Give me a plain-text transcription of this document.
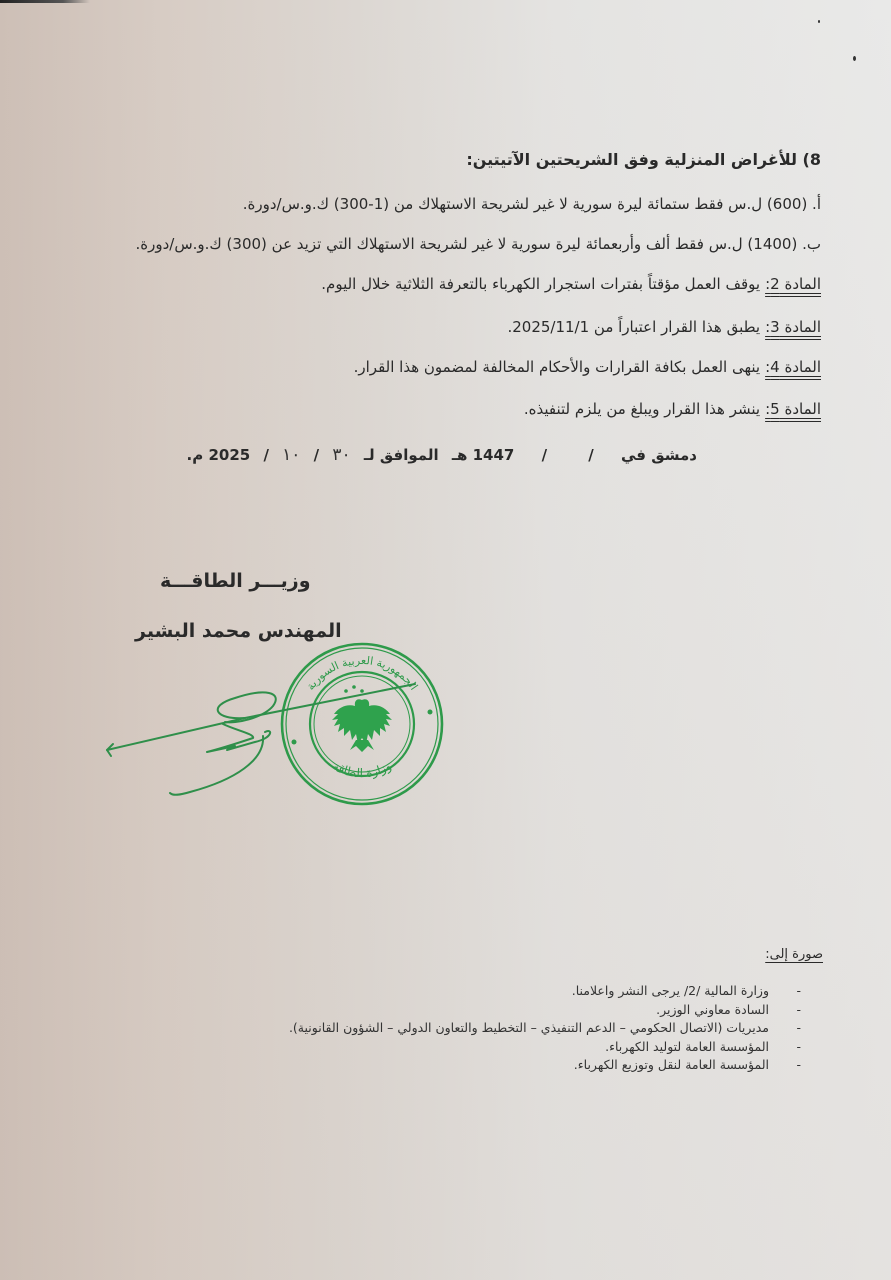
8) للأغراض المنزلية وفق الشريحتين الآتيتين:
أ. (600) ل.س فقط ستمائة ليرة سورية لا غير لشريحة الاستهلاك من (1-300) ك.و.س/دورة.
ب. (1400) ل.س فقط ألف وأربعمائة ليرة سورية لا غير لشريحة الاستهلاك التي تزيد عن (300) ك.و.س/دورة.
المادة 2:يوقف العمل مؤقتاً بفترات استجرار الكهرباء بالتعرفة الثلاثية خلال اليوم.
المادة 3:يطبق هذا القرار اعتباراً من 2025/11/1.
المادة 4:ينهى العمل بكافة القرارات والأحكام المخالفة لمضمون هذا القرار.
المادة 5:ينشر هذا القرار ويبلغ من يلزم لتنفيذه.
دمشق في / / 1447 هـ الموافق لـ ٣٠ / ١٠ / 2025 م.
وزيـــر الطاقـــة
المهندس محمد البشير
الجمهورية العربية السورية
وزارة الطاقة
صورة إلى:
-
وزارة المالية /2/ يرجى النشر واعلامنا.
-
السادة معاوني الوزير.
-
مديريات (الاتصال الحكومي – الدعم التنفيذي – التخطيط والتعاون الدولي – الشؤون القانونية).
-
المؤسسة العامة لتوليد الكهرباء.
-
المؤسسة العامة لنقل وتوزيع الكهرباء.
